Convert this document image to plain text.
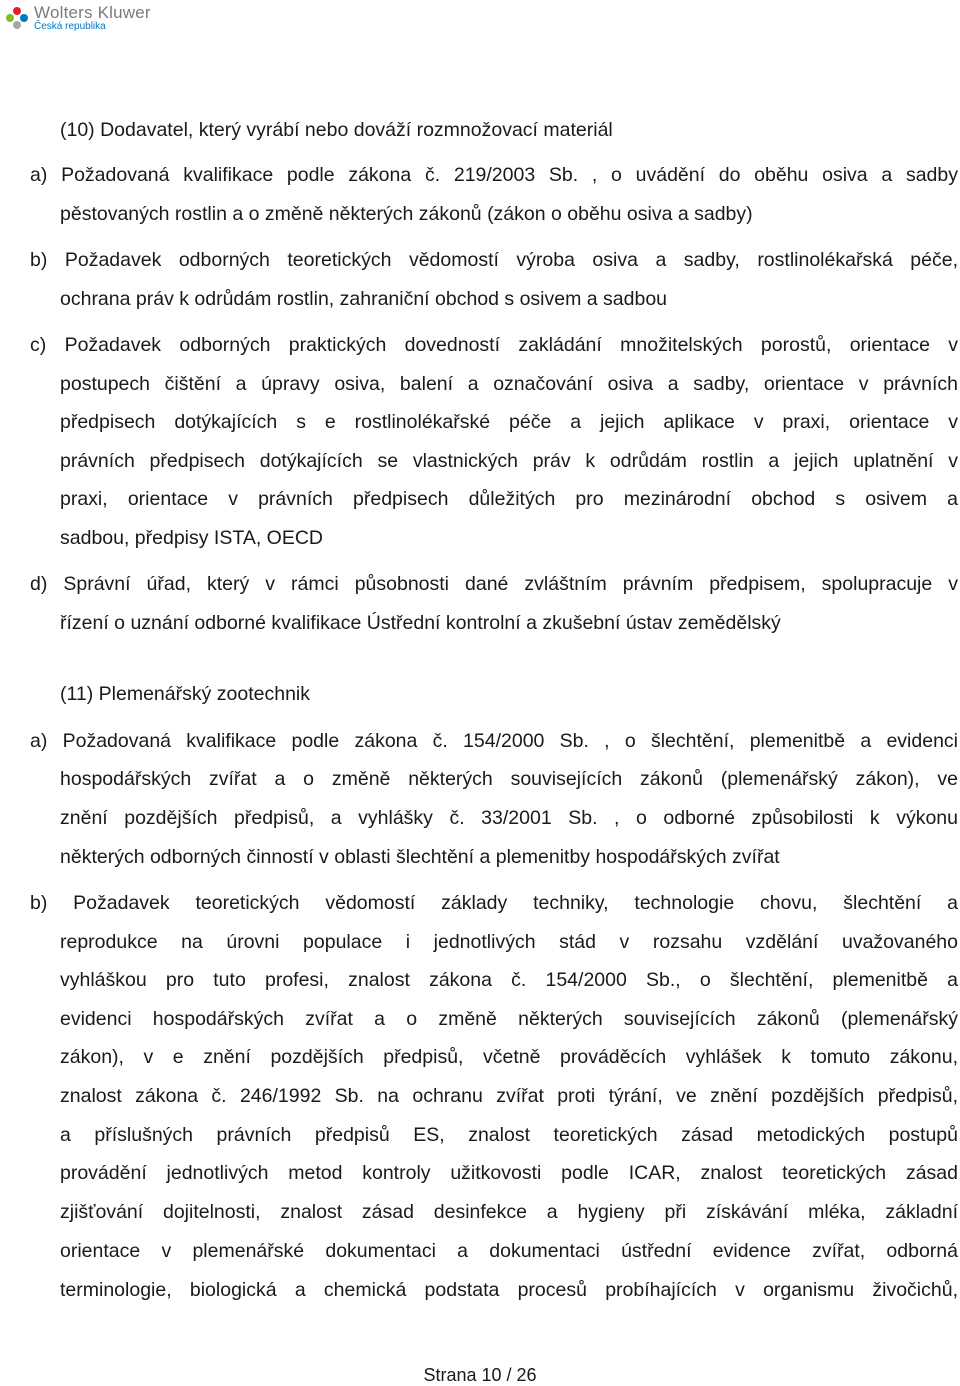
Wolters Kluwer
Česká republika
(10) Dodavatel, který vyrábí nebo dováží rozmnožovací materiál
a) Požadovaná kvalifikace podle zákona č. 219/2003 Sb. , o uvádění do oběhu osiva a sadby
pěstovaných rostlin a o změně některých zákonů (zákon o oběhu osiva a sadby)
b) Požadavek odborných teoretických vědomostí výroba osiva a sadby, rostlinolékařská péče,
ochrana práv k odrůdám rostlin, zahraniční obchod s osivem a sadbou
c) Požadavek odborných praktických dovedností zakládání množitelských porostů, orientace v
postupech čištění a úpravy osiva, balení a označování osiva a sadby, orientace v právních
předpisech dotýkajících s e rostlinolékařské péče a jejich aplikace v praxi, orientace v
právních předpisech dotýkajících se vlastnických práv k odrůdám rostlin a jejich uplatnění v
praxi, orientace v právních předpisech důležitých pro mezinárodní obchod s osivem a
sadbou, předpisy ISTA, OECD
d) Správní úřad, který v rámci působnosti dané zvláštním právním předpisem, spolupracuje v
řízení o uznání odborné kvalifikace Ústřední kontrolní a zkušební ústav zemědělský
(11) Plemenářský zootechnik
a) Požadovaná kvalifikace podle zákona č. 154/2000 Sb. , o šlechtění, plemenitbě a evidenci
hospodářských zvířat a o změně některých souvisejících zákonů (plemenářský zákon), ve
znění pozdějších předpisů, a vyhlášky č. 33/2001 Sb. , o odborné způsobilosti k výkonu
některých odborných činností v oblasti šlechtění a plemenitby hospodářských zvířat
b) Požadavek teoretických vědomostí základy techniky, technologie chovu, šlechtění a
reprodukce na úrovni populace i jednotlivých stád v rozsahu vzdělání uvažovaného
vyhláškou pro tuto profesi, znalost zákona č. 154/2000 Sb., o šlechtění, plemenitbě a
evidenci hospodářských zvířat a o změně některých souvisejících zákonů (plemenářský
zákon), v e znění pozdějších předpisů, včetně prováděcích vyhlášek k tomuto zákonu,
znalost zákona č. 246/1992 Sb. na ochranu zvířat proti týrání, ve znění pozdějších předpisů,
a příslušných právních předpisů ES, znalost teoretických zásad metodických postupů
provádění jednotlivých metod kontroly užitkovosti podle ICAR, znalost teoretických zásad
zjišťování dojitelnosti, znalost zásad desinfekce a hygieny při získávání mléka, základní
orientace v plemenářské dokumentaci a dokumentaci ústřední evidence zvířat, odborná
terminologie, biologická a chemická podstata procesů probíhajících v organismu živočichů,
Strana 10 / 26
